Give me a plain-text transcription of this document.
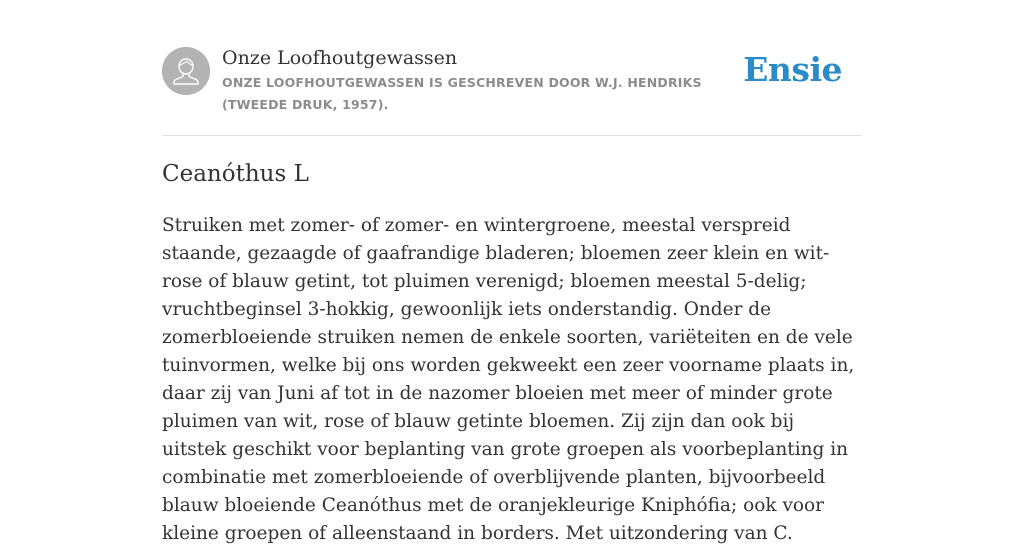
Onze Loofhoutgewassen
ONZE LOOFHOUTGEWASSEN IS GESCHREVEN DOOR W.J. HENDRIKS (TWEEDE DRUK, 1957).
Ensie
Ceanóthus L

Struiken met zomer- of zomer- en wintergroene, meestal verspreid staande, gezaagde of gaafrandige bladeren; bloemen zeer klein en wit-rose of blauw getint, tot pluimen verenigd; bloemen meestal 5-delig; vruchtbeginsel 3-hokkig, gewoonlijk iets onderstandig. Onder de zomerbloeiende struiken nemen de enkele soorten, variëteiten en de vele tuinvormen, welke bij ons worden gekweekt een zeer voorname plaats in, daar zij van Juni af tot in de nazomer bloeien met meer of minder grote pluimen van wit, rose of blauw getinte bloemen. Zij zijn dan ook bij uitstek geschikt voor beplanting van grote groepen als voorbeplanting in combinatie met zomerbloeiende of overblijvende planten, bijvoorbeeld blauw bloeiende Ceanóthus met de oranjekleurige Kniphófia; ook voor kleine groepen of alleenstaand in borders. Met uitzondering van C.
